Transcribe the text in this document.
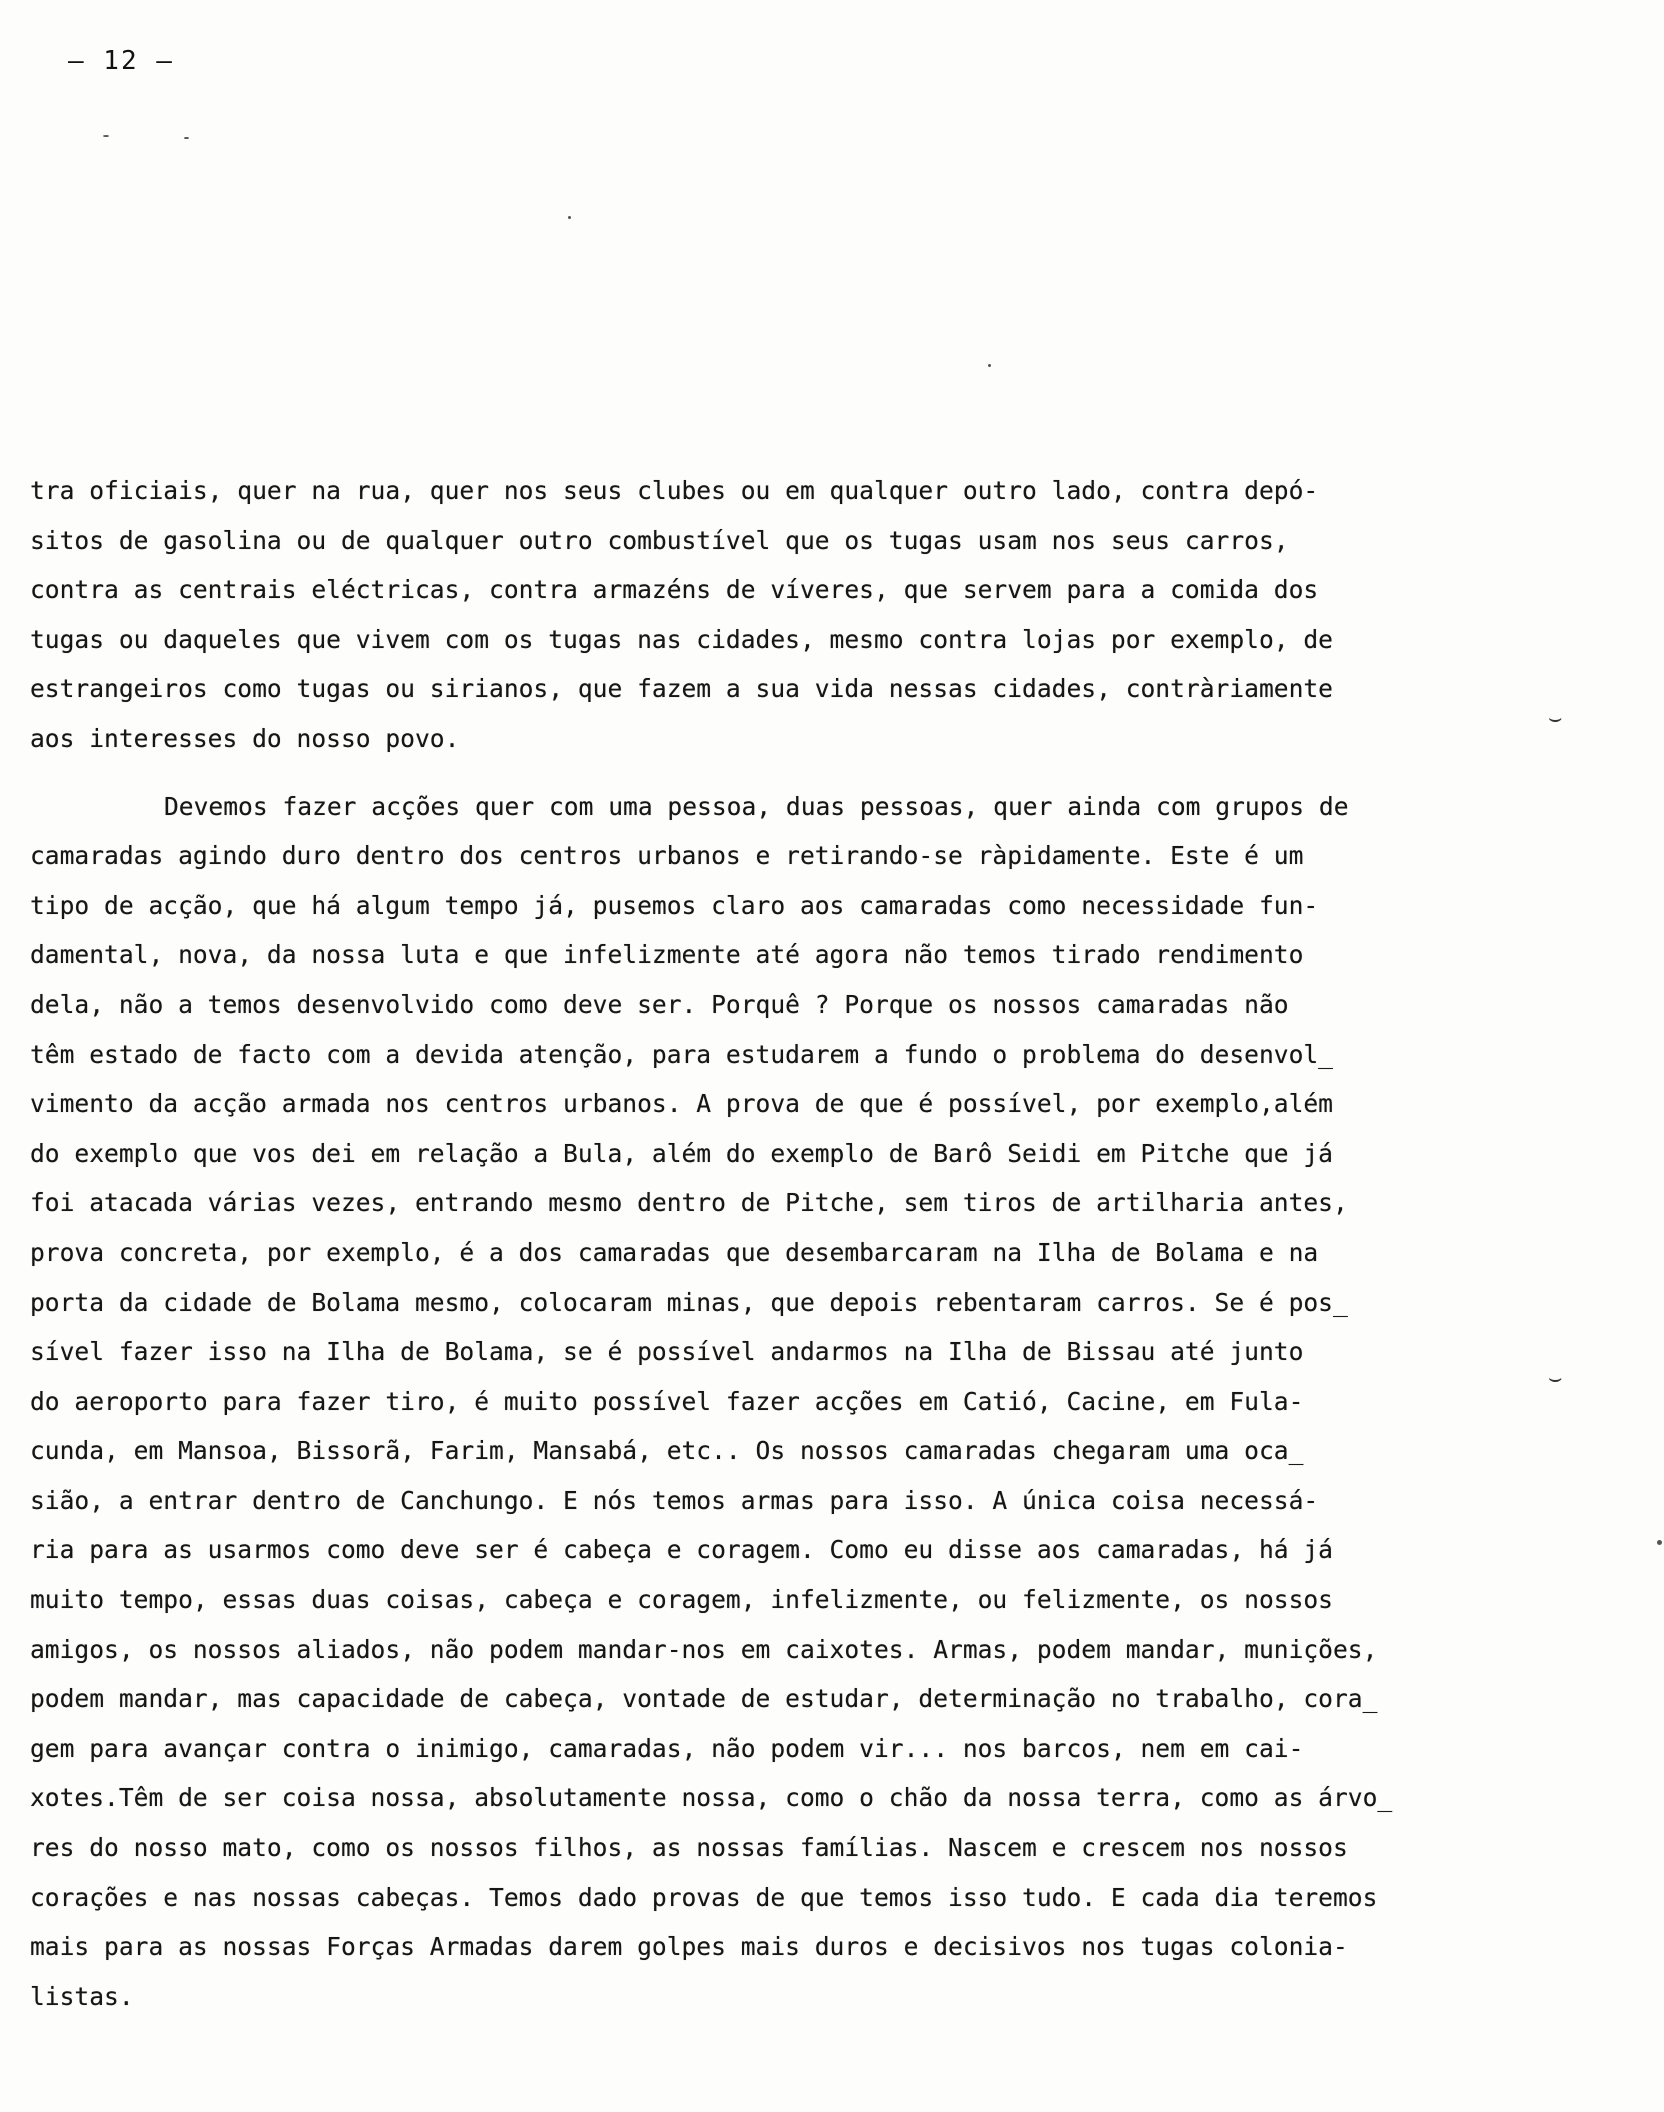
– 12 –
⌣
⌣
tra oficiais, quer na rua, quer nos seus clubes ou em qualquer outro lado, contra depó-
sitos de gasolina ou de qualquer outro combustível que os tugas usam nos seus carros,
contra as centrais eléctricas, contra armazéns de víveres, que servem para a comida dos
tugas ou daqueles que vivem com os tugas nas cidades, mesmo contra lojas por exemplo, de
estrangeiros como tugas ou sirianos, que fazem a sua vida nessas cidades, contràriamente
aos interesses do nosso povo.
Devemos fazer acções quer com uma pessoa, duas pessoas, quer ainda com grupos de
camaradas agindo duro dentro dos centros urbanos e retirando-se ràpidamente. Este é um
tipo de acção, que há algum tempo já, pusemos claro aos camaradas como necessidade fun-
damental, nova, da nossa luta e que infelizmente até agora não temos tirado rendimento
dela, não a temos desenvolvido como deve ser. Porquê ? Porque os nossos camaradas não
têm estado de facto com a devida atenção, para estudarem a fundo o problema do desenvol_
vimento da acção armada nos centros urbanos. A prova de que é possível, por exemplo,além
do exemplo que vos dei em relação a Bula, além do exemplo de Barô Seidi em Pitche que já
foi atacada várias vezes, entrando mesmo dentro de Pitche, sem tiros de artilharia antes,
prova concreta, por exemplo, é a dos camaradas que desembarcaram na Ilha de Bolama e na
porta da cidade de Bolama mesmo, colocaram minas, que depois rebentaram carros. Se é pos_
sível fazer isso na Ilha de Bolama, se é possível andarmos na Ilha de Bissau até junto
do aeroporto para fazer tiro, é muito possível fazer acções em Catió, Cacine, em Fula-
cunda, em Mansoa, Bissorã, Farim, Mansabá, etc.. Os nossos camaradas chegaram uma oca_
sião, a entrar dentro de Canchungo. E nós temos armas para isso. A única coisa necessá-
ria para as usarmos como deve ser é cabeça e coragem. Como eu disse aos camaradas, há já
muito tempo, essas duas coisas, cabeça e coragem, infelizmente, ou felizmente, os nossos
amigos, os nossos aliados, não podem mandar-nos em caixotes. Armas, podem mandar, munições,
podem mandar, mas capacidade de cabeça, vontade de estudar, determinação no trabalho, cora_
gem para avançar contra o inimigo, camaradas, não podem vir... nos barcos, nem em cai-
xotes.Têm de ser coisa nossa, absolutamente nossa, como o chão da nossa terra, como as árvo_
res do nosso mato, como os nossos filhos, as nossas famílias. Nascem e crescem nos nossos
corações e nas nossas cabeças. Temos dado provas de que temos isso tudo. E cada dia teremos
mais para as nossas Forças Armadas darem golpes mais duros e decisivos nos tugas colonia-
listas.
